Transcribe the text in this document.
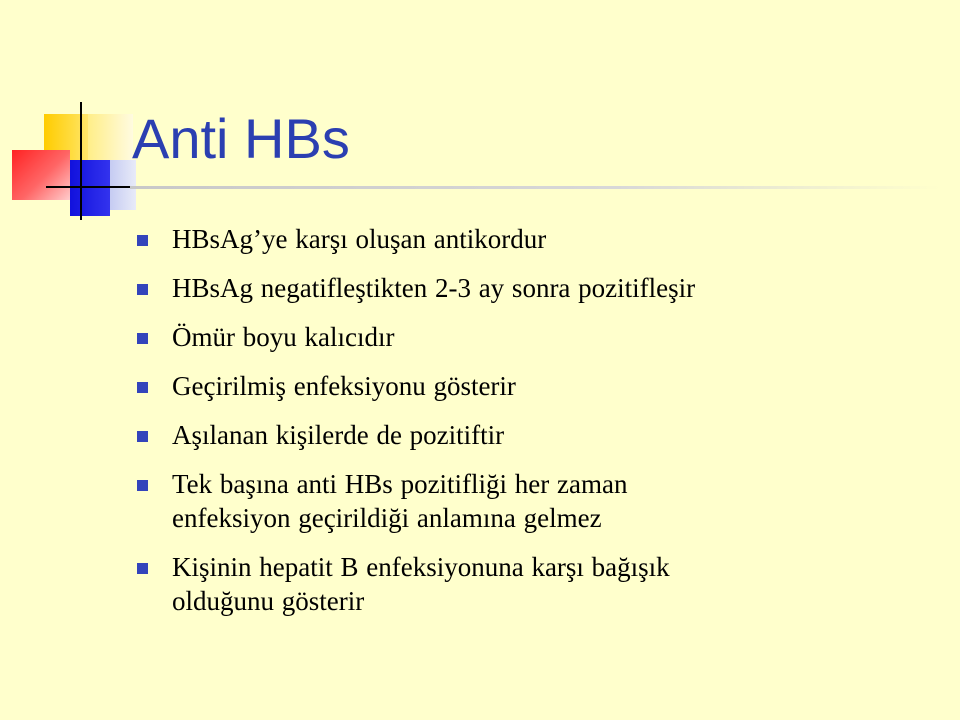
Anti HBs
HBsAg’ye karşı oluşan antikordur
HBsAg negatifleştikten 2-3 ay sonra pozitifleşir
Ömür boyu kalıcıdır
Geçirilmiş enfeksiyonu gösterir
Aşılanan kişilerde de pozitiftir
Tek başına anti HBs pozitifliği her zaman
enfeksiyon geçirildiği anlamına gelmez
Kişinin hepatit B enfeksiyonuna karşı bağışık
olduğunu gösterir
